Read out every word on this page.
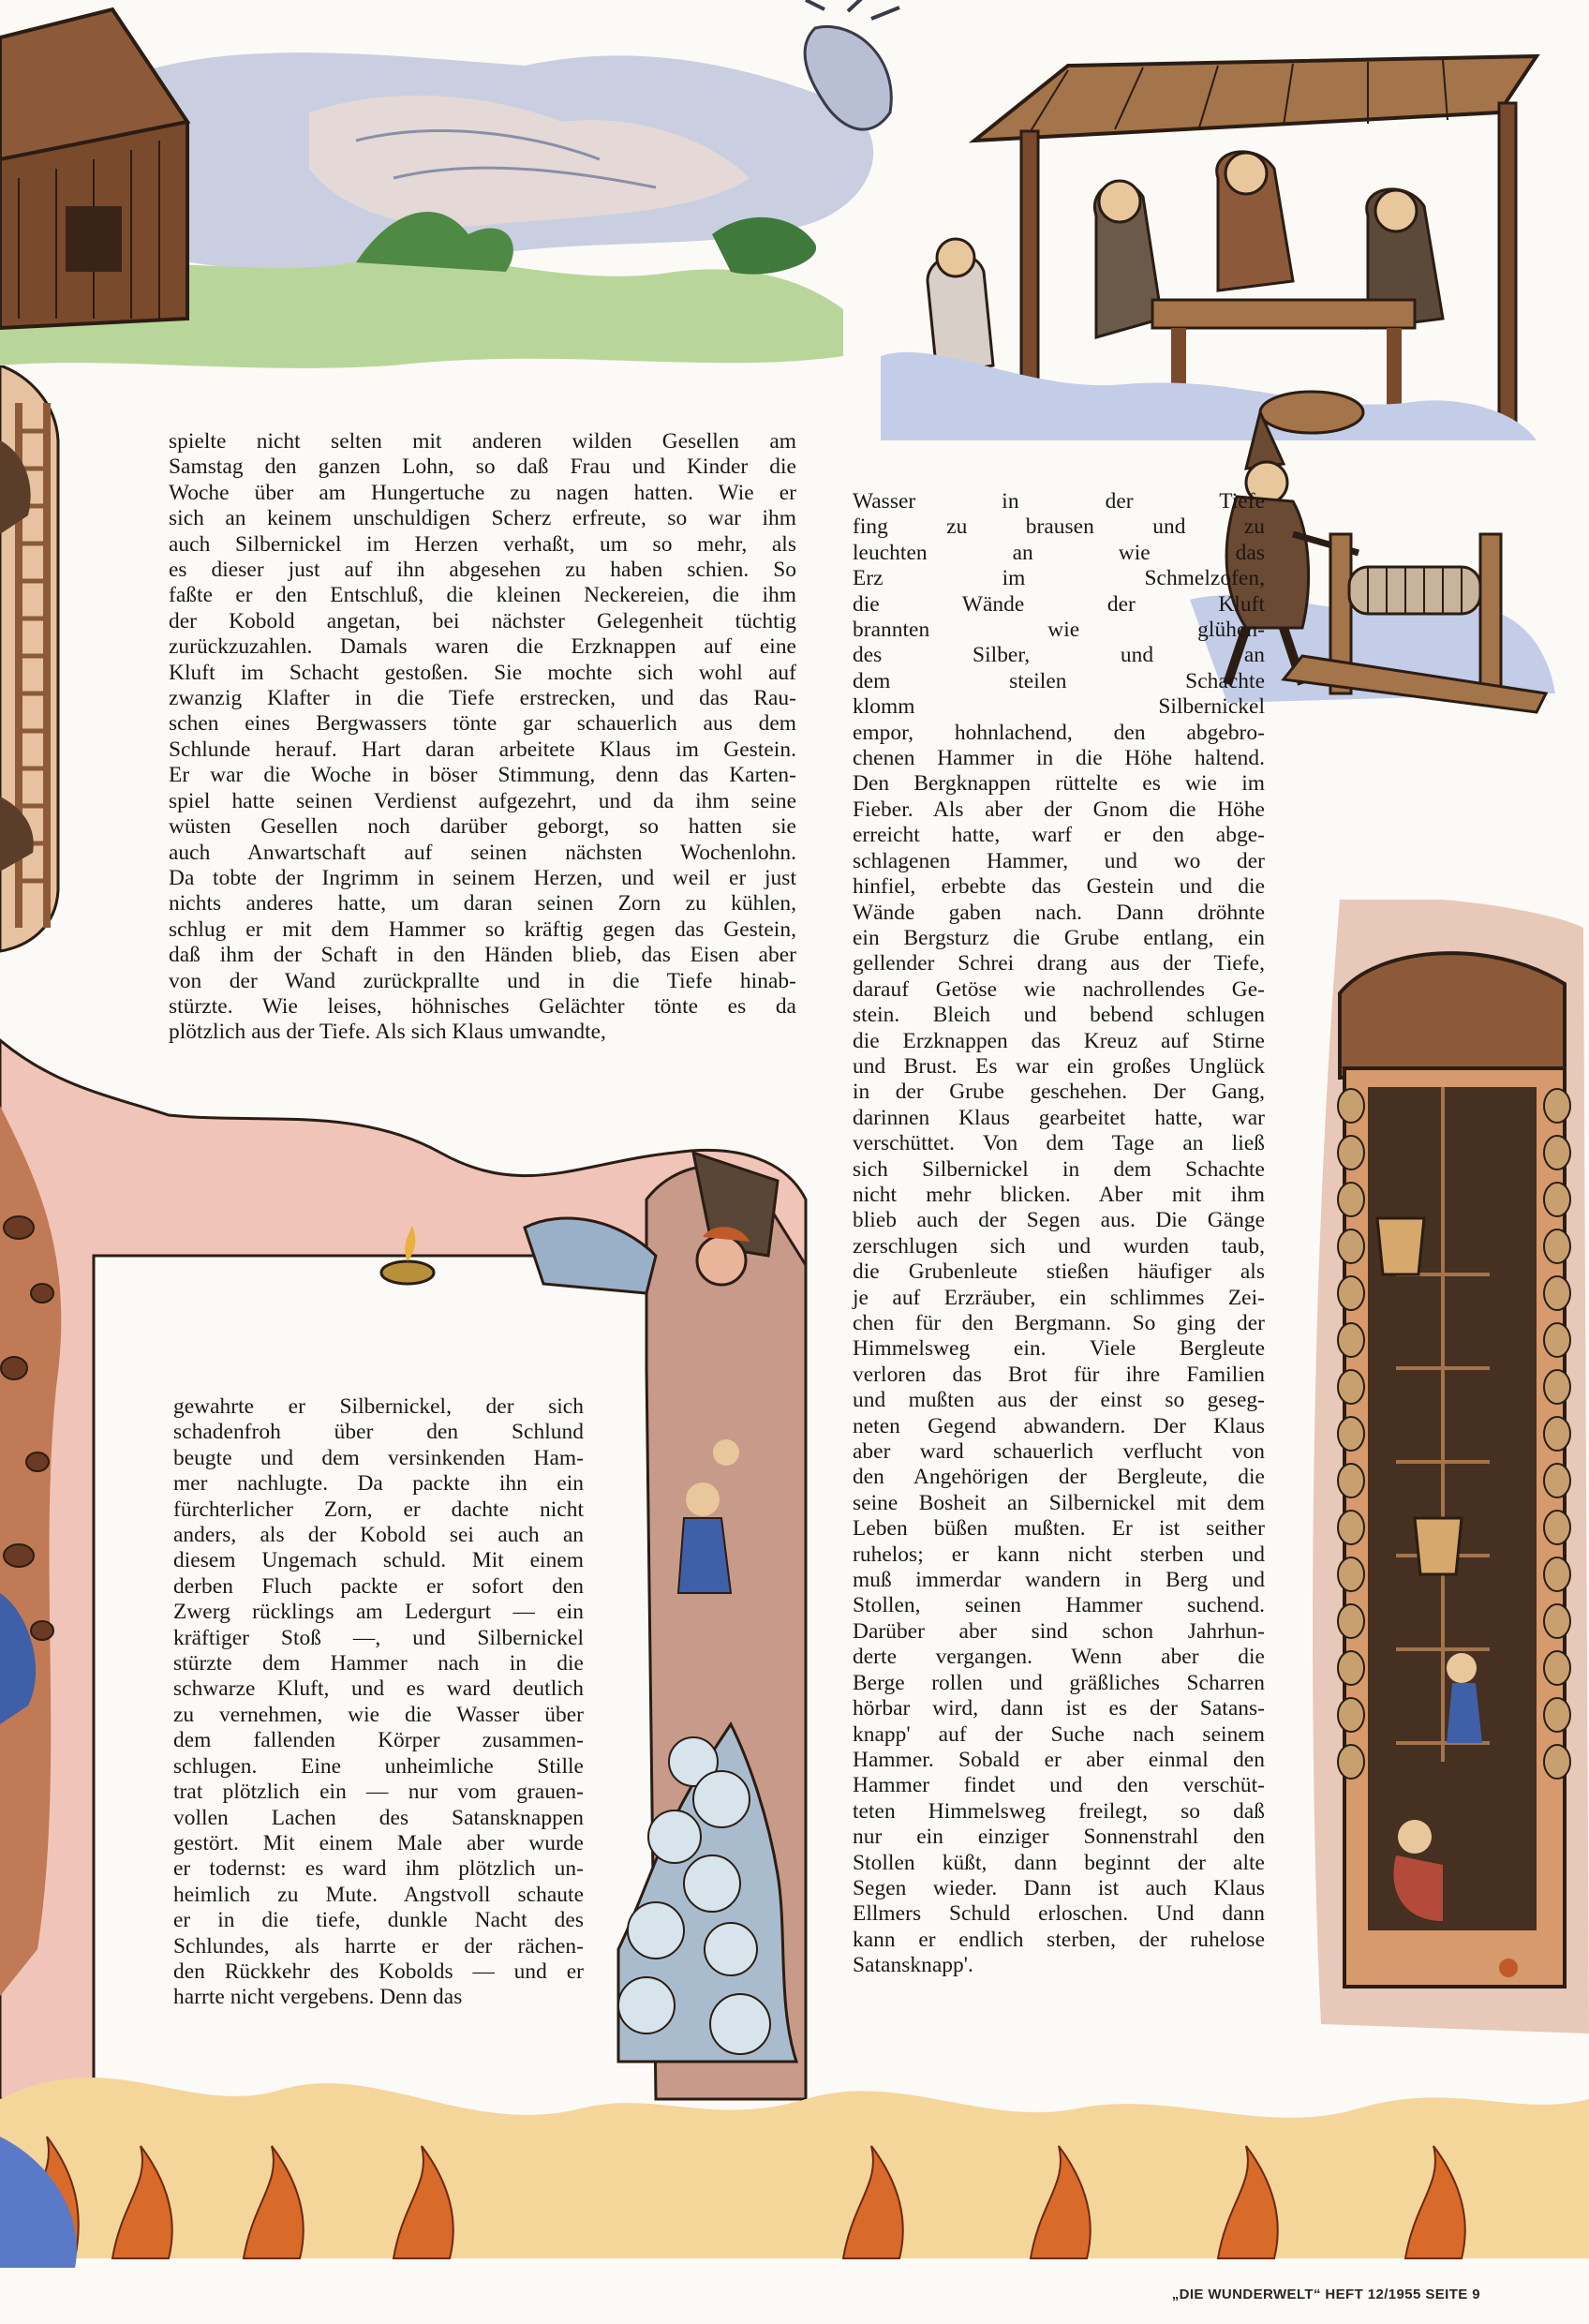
spielte nicht selten mit anderen wilden Gesellen am
Samstag den ganzen Lohn, so daß Frau und Kinder die
Woche über am Hungertuche zu nagen hatten. Wie er
sich an keinem unschuldigen Scherz erfreute, so war ihm
auch Silbernickel im Herzen verhaßt, um so mehr, als
es dieser just auf ihn abgesehen zu haben schien. So
faßte er den Entschluß, die kleinen Neckereien, die ihm
der Kobold angetan, bei nächster Gelegenheit tüchtig
zurückzuzahlen. Damals waren die Erzknappen auf eine
Kluft im Schacht gestoßen. Sie mochte sich wohl auf
zwanzig Klafter in die Tiefe erstrecken, und das Rau-
schen eines Bergwassers tönte gar schauerlich aus dem
Schlunde herauf. Hart daran arbeitete Klaus im Gestein.
Er war die Woche in böser Stimmung, denn das Karten-
spiel hatte seinen Verdienst aufgezehrt, und da ihm seine
wüsten Gesellen noch darüber geborgt, so hatten sie
auch Anwartschaft auf seinen nächsten Wochenlohn.
Da tobte der Ingrimm in seinem Herzen, und weil er just
nichts anderes hatte, um daran seinen Zorn zu kühlen,
schlug er mit dem Hammer so kräftig gegen das Gestein,
daß ihm der Schaft in den Händen blieb, das Eisen aber
von der Wand zurückprallte und in die Tiefe hinab-
stürzte. Wie leises, höhnisches Gelächter tönte es da
plötzlich aus der Tiefe. Als sich Klaus umwandte,
Wasser in der Tiefe
fing zu brausen und zu
leuchten an wie das
Erz im Schmelzofen,
die Wände der Kluft
brannten wie glühen-
des Silber, und an
dem steilen Schachte
klomm Silbernickel
empor, hohnlachend, den abgebro-
chenen Hammer in die Höhe haltend.
Den Bergknappen rüttelte es wie im
Fieber. Als aber der Gnom die Höhe
erreicht hatte, warf er den abge-
schlagenen Hammer, und wo der
hinfiel, erbebte das Gestein und die
Wände gaben nach. Dann dröhnte
ein Bergsturz die Grube entlang, ein
gellender Schrei drang aus der Tiefe,
darauf Getöse wie nachrollendes Ge-
stein. Bleich und bebend schlugen
die Erzknappen das Kreuz auf Stirne
und Brust. Es war ein großes Unglück
in der Grube geschehen. Der Gang,
darinnen Klaus gearbeitet hatte, war
verschüttet. Von dem Tage an ließ
sich Silbernickel in dem Schachte
nicht mehr blicken. Aber mit ihm
blieb auch der Segen aus. Die Gänge
zerschlugen sich und wurden taub,
die Grubenleute stießen häufiger als
je auf Erzräuber, ein schlimmes Zei-
chen für den Bergmann. So ging der
Himmelsweg ein. Viele Bergleute
verloren das Brot für ihre Familien
und mußten aus der einst so geseg-
neten Gegend abwandern. Der Klaus
aber ward schauerlich verflucht von
den Angehörigen der Bergleute, die
seine Bosheit an Silbernickel mit dem
Leben büßen mußten. Er ist seither
ruhelos; er kann nicht sterben und
muß immerdar wandern in Berg und
Stollen, seinen Hammer suchend.
Darüber aber sind schon Jahrhun-
derte vergangen. Wenn aber die
Berge rollen und gräßliches Scharren
hörbar wird, dann ist es der Satans-
knapp' auf der Suche nach seinem
Hammer. Sobald er aber einmal den
Hammer findet und den verschüt-
teten Himmelsweg freilegt, so daß
nur ein einziger Sonnenstrahl den
Stollen küßt, dann beginnt der alte
Segen wieder. Dann ist auch Klaus
Ellmers Schuld erloschen. Und dann
kann er endlich sterben, der ruhelose
Satansknapp'.
gewahrte er Silbernickel, der sich
schadenfroh über den Schlund
beugte und dem versinkenden Ham-
mer nachlugte. Da packte ihn ein
fürchterlicher Zorn, er dachte nicht
anders, als der Kobold sei auch an
diesem Ungemach schuld. Mit einem
derben Fluch packte er sofort den
Zwerg rücklings am Ledergurt — ein
kräftiger Stoß —, und Silbernickel
stürzte dem Hammer nach in die
schwarze Kluft, und es ward deutlich
zu vernehmen, wie die Wasser über
dem fallenden Körper zusammen-
schlugen. Eine unheimliche Stille
trat plötzlich ein — nur vom grauen-
vollen Lachen des Satansknappen
gestört. Mit einem Male aber wurde
er todernst: es ward ihm plötzlich un-
heimlich zu Mute. Angstvoll schaute
er in die tiefe, dunkle Nacht des
Schlundes, als harrte er der rächen-
den Rückkehr des Kobolds — und er
harrte nicht vergebens. Denn das
„DIE WUNDERWELT“ HEFT 12/1955 SEITE 9
